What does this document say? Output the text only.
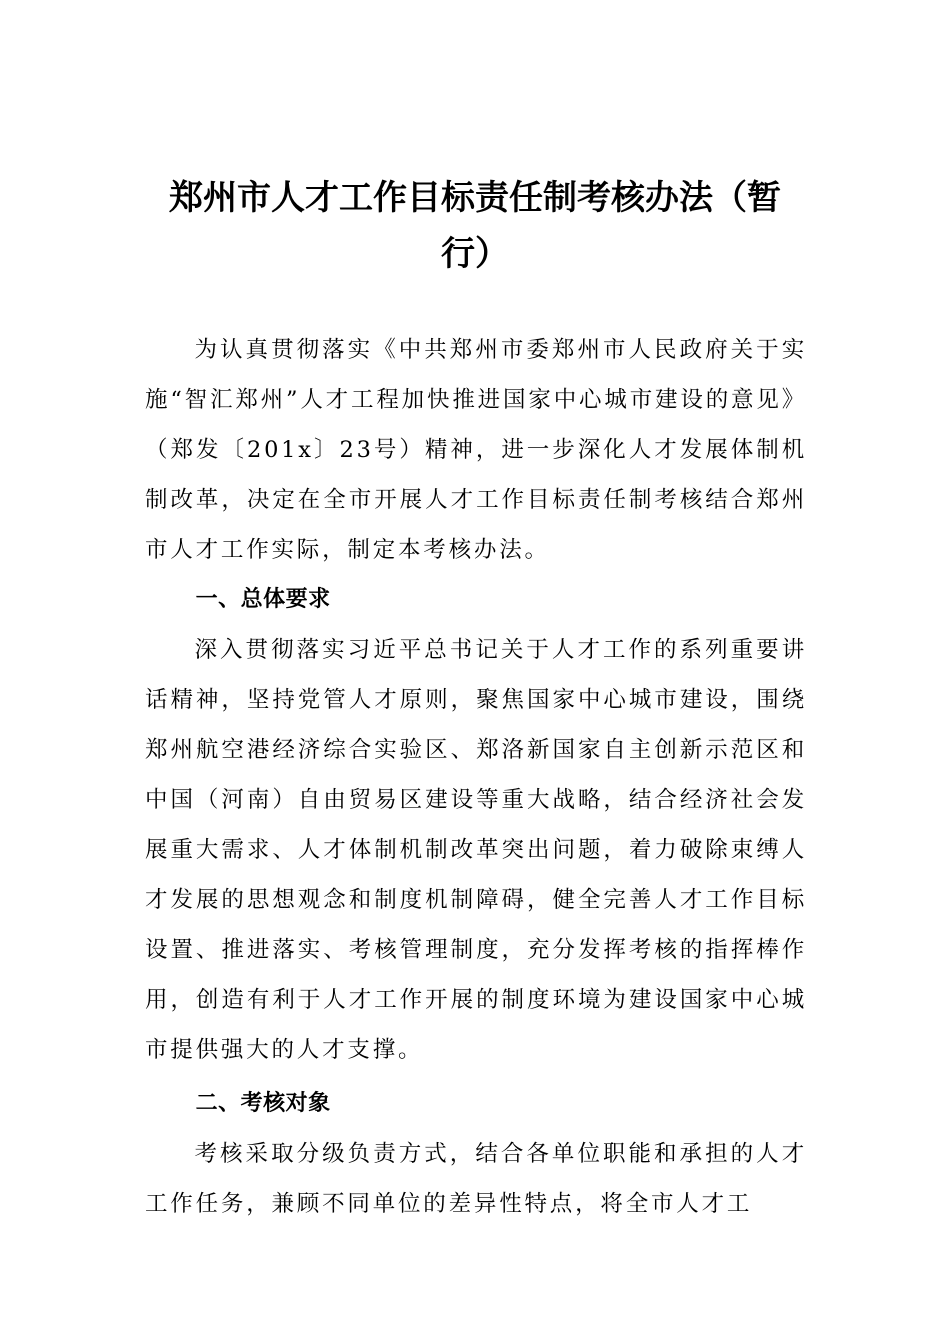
郑州市人才工作目标责任制考核办法（暂行）

为认真贯彻落实《中共郑州市委郑州市人民政府关于实施“智汇郑州”人才工程加快推进国家中心城市建设的意见》（郑发〔201x〕23号）精神，进一步深化人才发展体制机制改革，决定在全市开展人才工作目标责任制考核结合郑州市人才工作实际，制定本考核办法。

一、总体要求

深入贯彻落实习近平总书记关于人才工作的系列重要讲话精神，坚持党管人才原则，聚焦国家中心城市建设，围绕郑州航空港经济综合实验区、郑洛新国家自主创新示范区和中国（河南）自由贸易区建设等重大战略，结合经济社会发展重大需求、人才体制机制改革突出问题，着力破除束缚人才发展的思想观念和制度机制障碍，健全完善人才工作目标设置、推进落实、考核管理制度，充分发挥考核的指挥棒作用，创造有利于人才工作开展的制度环境为建设国家中心城市提供强大的人才支撑。

二、考核对象

考核采取分级负责方式，结合各单位职能和承担的人才工作任务，兼顾不同单位的差异性特点，将全市人才工
